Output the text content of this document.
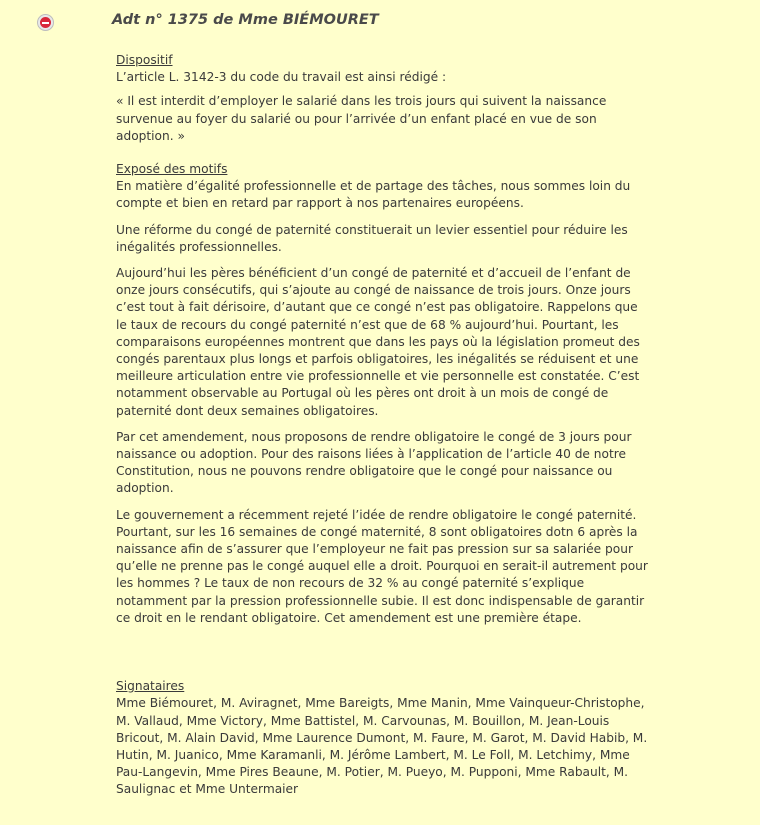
Adt n° 1375 de Mme BIÉMOURET
Dispositif

L’article L. 3142-3 du code du travail est ainsi rédigé :

« Il est interdit d’employer le salarié dans les trois jours qui suivent la naissance survenue au foyer du salarié ou pour l’arrivée d’un enfant placé en vue de son adoption. »

Exposé des motifs

En matière d’égalité professionnelle et de partage des tâches, nous sommes loin du compte et bien en retard par rapport à nos partenaires européens.

Une réforme du congé de paternité constituerait un levier essentiel pour réduire les inégalités professionnelles.

Aujourd’hui les pères bénéficient d’un congé de paternité et d’accueil de l’enfant de onze jours consécutifs, qui s’ajoute au congé de naissance de trois jours. Onze jours c’est tout à fait dérisoire, d’autant que ce congé n’est pas obligatoire. Rappelons que le taux de recours du congé paternité n’est que de 68 % aujourd’hui. Pourtant, les comparaisons européennes montrent que dans les pays où la législation promeut des congés parentaux plus longs et parfois obligatoires, les inégalités se réduisent et une meilleure articulation entre vie professionnelle et vie personnelle est constatée. C’est notamment observable au Portugal où les pères ont droit à un mois de congé de paternité dont deux semaines obligatoires.

Par cet amendement, nous proposons de rendre obligatoire le congé de 3 jours pour naissance ou adoption. Pour des raisons liées à l’application de l’article 40 de notre Constitution, nous ne pouvons rendre obligatoire que le congé pour naissance ou adoption.

Le gouvernement a récemment rejeté l’idée de rendre obligatoire le congé paternité. Pourtant, sur les 16 semaines de congé maternité, 8 sont obligatoires dotn 6 après la naissance afin de s’assurer que l’employeur ne fait pas pression sur sa salariée pour qu’elle ne prenne pas le congé auquel elle a droit. Pourquoi en serait-il autrement pour les hommes ? Le taux de non recours de 32 % au congé paternité s’explique notamment par la pression professionnelle subie. Il est donc indispensable de garantir ce droit en le rendant obligatoire. Cet amendement est une première étape.

Signataires

Mme Biémouret, M. Aviragnet, Mme Bareigts, Mme Manin, Mme Vainqueur-Christophe, M. Vallaud, Mme Victory, Mme Battistel, M. Carvounas, M. Bouillon, M. Jean-Louis Bricout, M. Alain David, Mme Laurence Dumont, M. Faure, M. Garot, M. David Habib, M. Hutin, M. Juanico, Mme Karamanli, M. Jérôme Lambert, M. Le Foll, M. Letchimy, Mme Pau-Langevin, Mme Pires Beaune, M. Potier, M. Pueyo, M. Pupponi, Mme Rabault, M. Saulignac et Mme Untermaier
